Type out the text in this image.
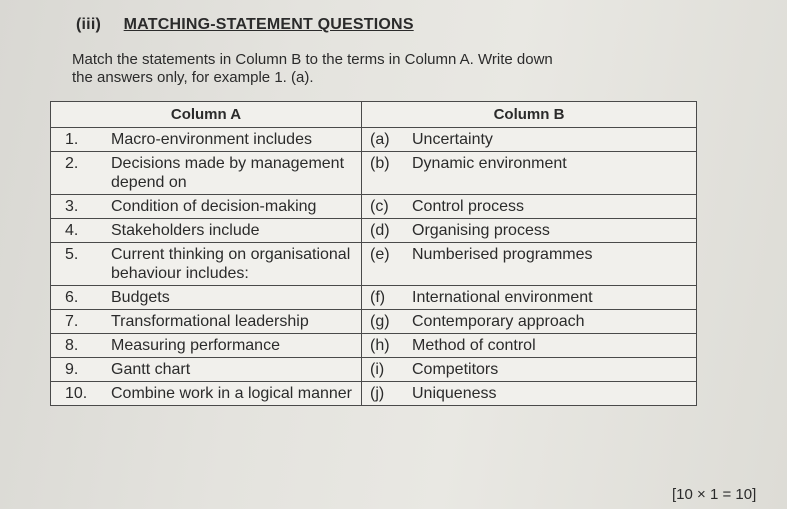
(iii) MATCHING-STATEMENT QUESTIONS
Match the statements in Column B to the terms in Column A. Write down the answers only, for example 1. (a).
Column A	Column B

1. Macro-environment includes	(a) Uncertainty

2. Decisions made by management depend on	(b) Dynamic environment

3. Condition of decision-making	(c) Control process

4. Stakeholders include	(d) Organising process

5. Current thinking on organisational behaviour includes:	(e) Numberised programmes

6. Budgets	(f) International environment

7. Transformational leadership	(g) Contemporary approach

8. Measuring performance	(h) Method of control

9. Gantt chart	(i) Competitors

10. Combine work in a logical manner	(j) Uniqueness
[10 × 1 = 10]
